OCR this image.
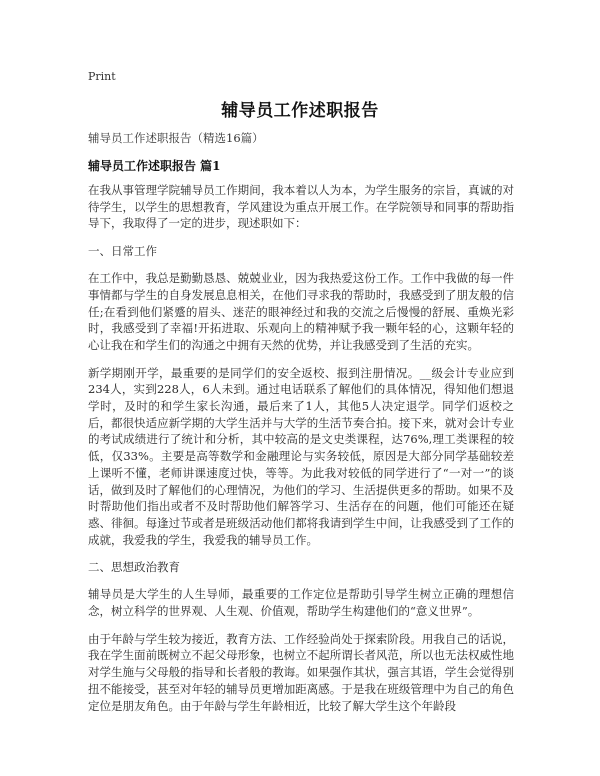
Print
辅导员工作述职报告

辅导员工作述职报告（精选16篇）

辅导员工作述职报告 篇1

在我从事管理学院辅导员工作期间，我本着以人为本，为学生服务的宗旨，真诚的对待学生，以学生的思想教育，学风建设为重点开展工作。在学院领导和同事的帮助指导下，我取得了一定的进步，现述职如下：

一、日常工作

在工作中，我总是勤勤恳恳、兢兢业业，因为我热爱这份工作。工作中我做的每一件事情都与学生的自身发展息息相关，在他们寻求我的帮助时，我感受到了朋友般的信任;在看到他们紧蹙的眉头、迷茫的眼神经过和我的交流之后慢慢的舒展、重焕光彩时，我感受到了幸福!开拓进取、乐观向上的精神赋予我一颗年轻的心，这颗年轻的心让我在和学生们的沟通之中拥有天然的优势，并让我感受到了生活的充实。

新学期刚开学，最重要的是同学们的安全返校、报到注册情况。__级会计专业应到234人，实到228人，6人未到。通过电话联系了解他们的具体情况，得知他们想退学时，及时的和学生家长沟通，最后来了1人，其他5人决定退学。同学们返校之后，都很快适应新学期的大学生活并与大学的生活节奏合拍。接下来，就对会计专业的考试成绩进行了统计和分析，其中较高的是文史类课程，达76%,理工类课程的较低，仅33%。主要是高等数学和金融理论与实务较低，原因是大部分同学基础较差上课听不懂，老师讲课速度过快，等等。为此我对较低的同学进行了“一对一”的谈话，做到及时了解他们的心理情况，为他们的学习、生活提供更多的帮助。如果不及时帮助他们指出或者不及时帮助他们解答学习、生活存在的问题，他们可能还在疑惑、徘徊。每逢过节或者是班级活动他们都将我请到学生中间，让我感受到了工作的成就，我爱我的学生，我爱我的辅导员工作。

二、思想政治教育

辅导员是大学生的人生导师，最重要的工作定位是帮助引导学生树立正确的理想信念，树立科学的世界观、人生观、价值观，帮助学生构建他们的“意义世界”。

由于年龄与学生较为接近，教育方法、工作经验尚处于探索阶段。用我自己的话说，我在学生面前既树立不起父母形象，也树立不起所谓长者风范，所以也无法权威性地对学生施与父母般的指导和长者般的教诲。如果强作其状，强言其语，学生会觉得别扭不能接受，甚至对年轻的辅导员更增加距离感。于是我在班级管理中为自己的角色定位是朋友角色。由于年龄与学生年龄相近，比较了解大学生这个年龄段
